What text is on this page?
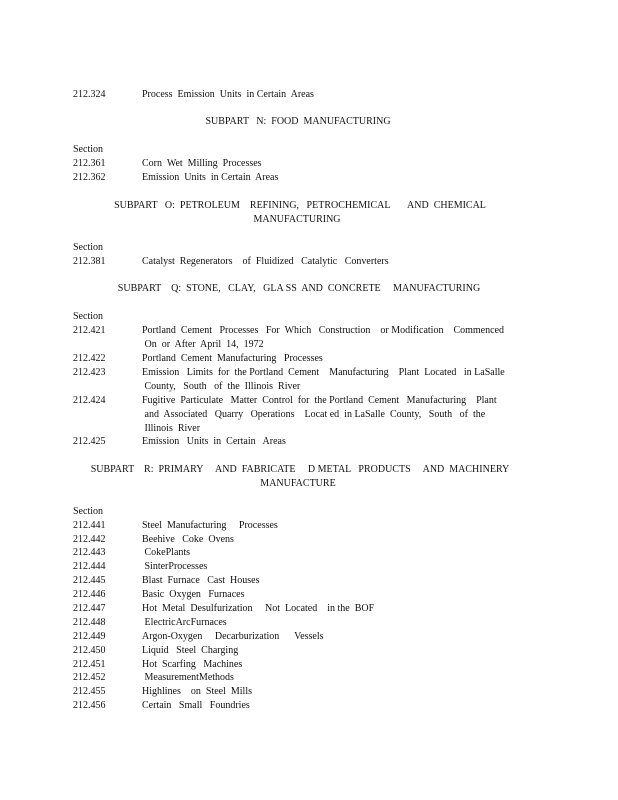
212.324	Process  Emission  Units  in Certain  Areas
SUBPART   N:  FOOD  MANUFACTURING
Section
212.361	Corn  Wet  Milling  Processes
212.362	Emission  Units  in Certain  Areas
SUBPART   O:  PETROLEUM    REFINING,   PETROCHEMICAL       AND  CHEMICAL
MANUFACTURING
Section
212.381	Catalyst  Regenerators    of  Fluidized   Catalytic   Converters
SUBPART    Q:  STONE,   CLAY,   GLA SS  AND  CONCRETE     MANUFACTURING
Section
212.421	Portland  Cement   Processes   For  Which   Construction    or Modification    Commenced
On  or  After  April  14,  1972
212.422	Portland  Cement  Manufacturing   Processes
212.423	Emission   Limits  for  the Portland  Cement    Manufacturing    Plant  Located   in LaSalle
County,   South   of  the  Illinois  River
212.424	Fugitive  Particulate   Matter  Control  for  the Portland  Cement   Manufacturing    Plant
and  Associated   Quarry   Operations    Locat ed  in LaSalle  County,   South   of  the
Illinois  River
212.425	Emission   Units  in  Certain   Areas
SUBPART    R:  PRIMARY     AND  FABRICATE     D METAL   PRODUCTS     AND  MACHINERY
MANUFACTURE
Section
212.441	Steel  Manufacturing     Processes
212.442	Beehive   Coke  Ovens
212.443	CokePlants
212.444	SinterProcesses
212.445	Blast  Furnace   Cast  Houses
212.446	Basic  Oxygen   Furnaces
212.447	Hot  Metal  Desulfurization     Not  Located    in the  BOF
212.448	ElectricArcFurnaces
212.449	Argon-Oxygen     Decarburization      Vessels
212.450	Liquid   Steel  Charging
212.451	Hot  Scarfing   Machines
212.452	MeasurementMethods
212.455	Highlines    on  Steel  Mills
212.456	Certain   Small   Foundries
